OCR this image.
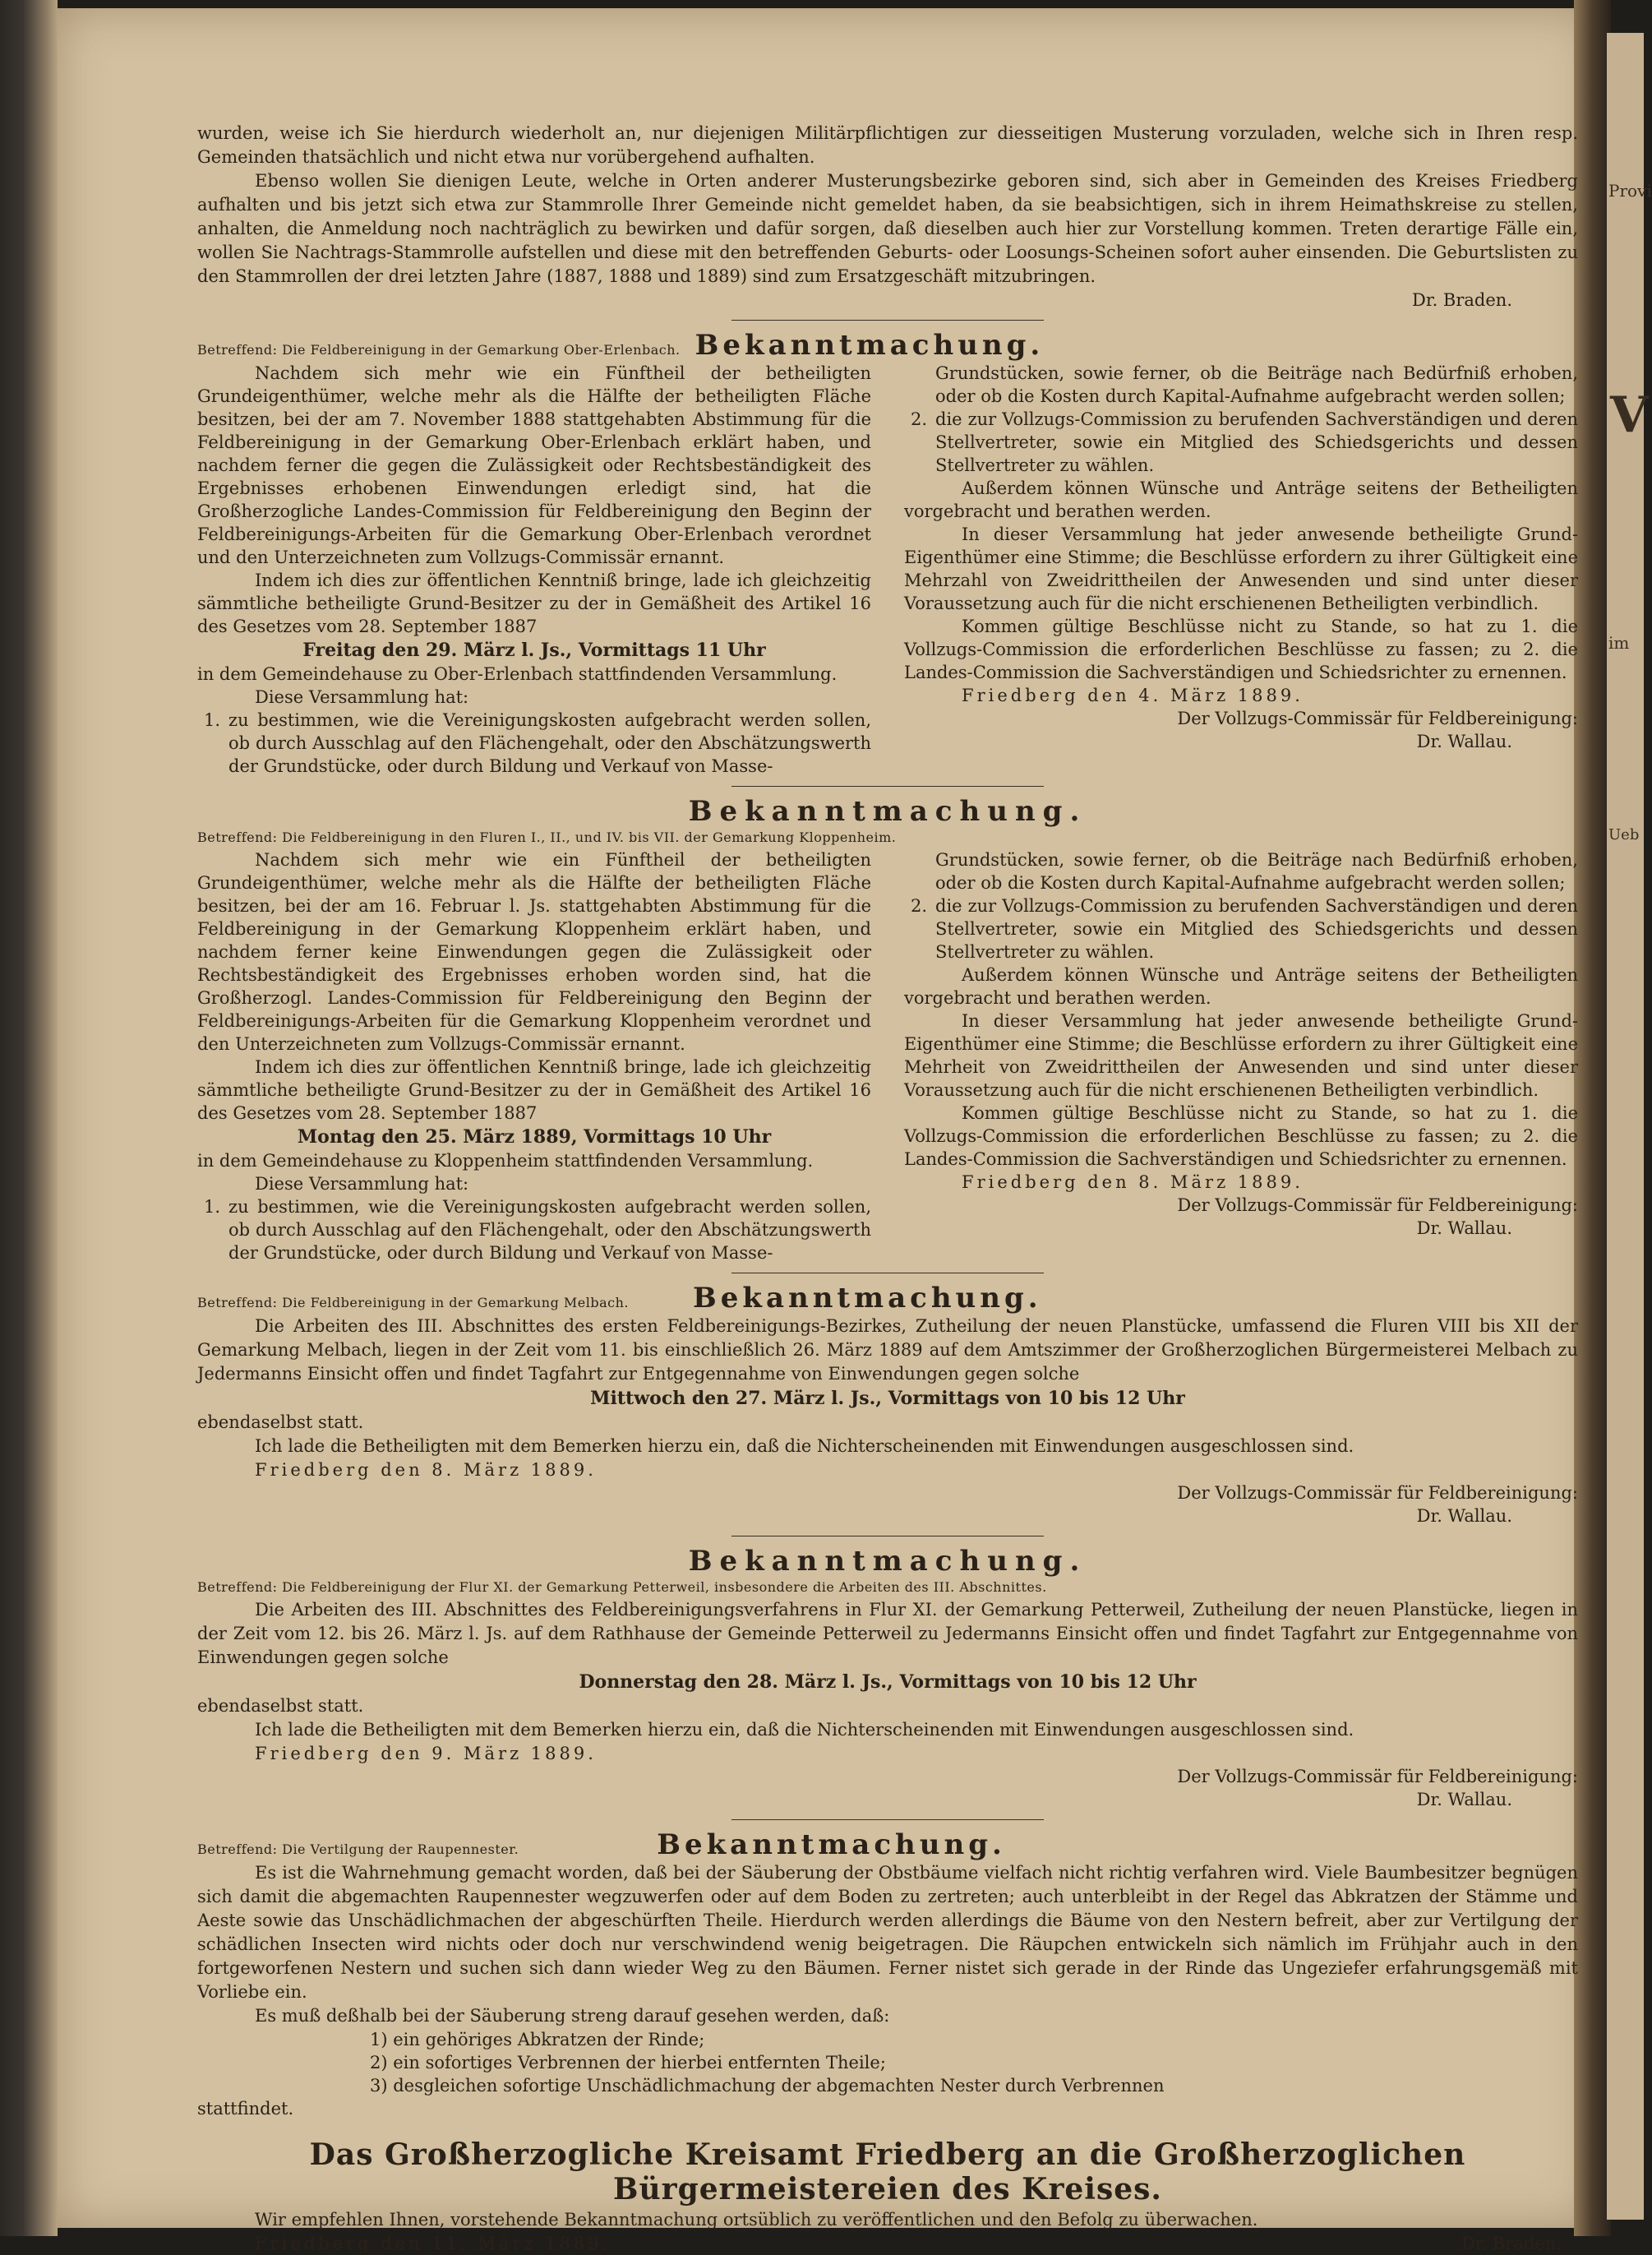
Provi
V
im
Ueb

wurden, weise ich Sie hierdurch wiederholt an, nur diejenigen Militärpflichtigen zur diesseitigen Musterung vorzuladen, welche sich in Ihren resp. Gemeinden thatsächlich und nicht etwa nur vorübergehend aufhalten.

Ebenso wollen Sie dienigen Leute, welche in Orten anderer Musterungsbezirke geboren sind, sich aber in Gemeinden des Kreises Friedberg aufhalten und bis jetzt sich etwa zur Stammrolle Ihrer Gemeinde nicht gemeldet haben, da sie beabsichtigen, sich in ihrem Heimathskreise zu stellen, anhalten, die Anmeldung noch nachträglich zu bewirken und dafür sorgen, daß dieselben auch hier zur Vorstellung kommen. Treten derartige Fälle ein, wollen Sie Nachtrags-Stammrolle aufstellen und diese mit den betreffenden Geburts- oder Loosungs-Scheinen sofort auher einsenden. Die Geburtslisten zu den Stammrollen der drei letzten Jahre (1887, 1888 und 1889) sind zum Ersatzgeschäft mitzubringen.

Dr. Braden.
Betreffend: Die Feldbereinigung in der Gemarkung Ober-Erlenbach. Bekanntmachung.

Nachdem sich mehr wie ein Fünftheil der betheiligten Grundeigenthümer, welche mehr als die Hälfte der betheiligten Fläche besitzen, bei der am 7. November 1888 stattgehabten Abstimmung für die Feldbereinigung in der Gemarkung Ober-Erlenbach erklärt haben, und nachdem ferner die gegen die Zulässigkeit oder Rechtsbeständigkeit des Ergebnisses erhobenen Einwendungen erledigt sind, hat die Großherzogliche Landes-Commission für Feldbereinigung den Beginn der Feldbereinigungs-Arbeiten für die Gemarkung Ober-Erlenbach verordnet und den Unterzeichneten zum Vollzugs-Commissär ernannt.

Indem ich dies zur öffentlichen Kenntniß bringe, lade ich gleichzeitig sämmtliche betheiligte Grund-Besitzer zu der in Gemäßheit des Artikel 16 des Gesetzes vom 28. September 1887

Freitag den 29. März l. Js., Vormittags 11 Uhr

in dem Gemeindehause zu Ober-Erlenbach stattfindenden Versammlung.

Diese Versammlung hat:

1. zu bestimmen, wie die Vereinigungskosten aufgebracht werden sollen, ob durch Ausschlag auf den Flächengehalt, oder den Abschätzungswerth der Grundstücke, oder durch Bildung und Verkauf von Masse-

Grundstücken, sowie ferner, ob die Beiträge nach Bedürfniß erhoben, oder ob die Kosten durch Kapital-Aufnahme aufgebracht werden sollen;

2. die zur Vollzugs-Commission zu berufenden Sachverständigen und deren Stellvertreter, sowie ein Mitglied des Schiedsgerichts und dessen Stellvertreter zu wählen.

Außerdem können Wünsche und Anträge seitens der Betheiligten vorgebracht und berathen werden.

In dieser Versammlung hat jeder anwesende betheiligte Grund-Eigenthümer eine Stimme; die Beschlüsse erfordern zu ihrer Gültigkeit eine Mehrzahl von Zweidrittheilen der Anwesenden und sind unter dieser Voraussetzung auch für die nicht erschienenen Betheiligten verbindlich.

Kommen gültige Beschlüsse nicht zu Stande, so hat zu 1. die Vollzugs-Commission die erforderlichen Beschlüsse zu fassen; zu 2. die Landes-Commission die Sachverständigen und Schiedsrichter zu ernennen.

Friedberg den 4. März 1889.
Der Vollzugs-Commissär für Feldbereinigung:
Dr. Wallau.
Bekanntmachung.
Betreffend: Die Feldbereinigung in den Fluren I., II., und IV. bis VII. der Gemarkung Kloppenheim.

Nachdem sich mehr wie ein Fünftheil der betheiligten Grundeigenthümer, welche mehr als die Hälfte der betheiligten Fläche besitzen, bei der am 16. Februar l. Js. stattgehabten Abstimmung für die Feldbereinigung in der Gemarkung Kloppenheim erklärt haben, und nachdem ferner keine Einwendungen gegen die Zulässigkeit oder Rechtsbeständigkeit des Ergebnisses erhoben worden sind, hat die Großherzogl. Landes-Commission für Feldbereinigung den Beginn der Feldbereinigungs-Arbeiten für die Gemarkung Kloppenheim verordnet und den Unterzeichneten zum Vollzugs-Commissär ernannt.

Indem ich dies zur öffentlichen Kenntniß bringe, lade ich gleichzeitig sämmtliche betheiligte Grund-Besitzer zu der in Gemäßheit des Artikel 16 des Gesetzes vom 28. September 1887

Montag den 25. März 1889, Vormittags 10 Uhr

in dem Gemeindehause zu Kloppenheim stattfindenden Versammlung.

Diese Versammlung hat:

1. zu bestimmen, wie die Vereinigungskosten aufgebracht werden sollen, ob durch Ausschlag auf den Flächengehalt, oder den Abschätzungswerth der Grundstücke, oder durch Bildung und Verkauf von Masse-

Grundstücken, sowie ferner, ob die Beiträge nach Bedürfniß erhoben, oder ob die Kosten durch Kapital-Aufnahme aufgebracht werden sollen;

2. die zur Vollzugs-Commission zu berufenden Sachverständigen und deren Stellvertreter, sowie ein Mitglied des Schiedsgerichts und dessen Stellvertreter zu wählen.

Außerdem können Wünsche und Anträge seitens der Betheiligten vorgebracht und berathen werden.

In dieser Versammlung hat jeder anwesende betheiligte Grund-Eigenthümer eine Stimme; die Beschlüsse erfordern zu ihrer Gültigkeit eine Mehrheit von Zweidrittheilen der Anwesenden und sind unter dieser Voraussetzung auch für die nicht erschienenen Betheiligten verbindlich.

Kommen gültige Beschlüsse nicht zu Stande, so hat zu 1. die Vollzugs-Commission die erforderlichen Beschlüsse zu fassen; zu 2. die Landes-Commission die Sachverständigen und Schiedsrichter zu ernennen.

Friedberg den 8. März 1889.
Der Vollzugs-Commissär für Feldbereinigung:
Dr. Wallau.
Betreffend: Die Feldbereinigung in der Gemarkung Melbach. Bekanntmachung.

Die Arbeiten des III. Abschnittes des ersten Feldbereinigungs-Bezirkes, Zutheilung der neuen Planstücke, umfassend die Fluren VIII bis XII der Gemarkung Melbach, liegen in der Zeit vom 11. bis einschließlich 26. März 1889 auf dem Amtszimmer der Großherzoglichen Bürgermeisterei Melbach zu Jedermanns Einsicht offen und findet Tagfahrt zur Entgegennahme von Einwendungen gegen solche

Mittwoch den 27. März l. Js., Vormittags von 10 bis 12 Uhr

ebendaselbst statt.

Ich lade die Betheiligten mit dem Bemerken hierzu ein, daß die Nichterscheinenden mit Einwendungen ausgeschlossen sind.

Friedberg den 8. März 1889.
Der Vollzugs-Commissär für Feldbereinigung:
Dr. Wallau.
Bekanntmachung.
Betreffend: Die Feldbereinigung der Flur XI. der Gemarkung Petterweil, insbesondere die Arbeiten des III. Abschnittes.

Die Arbeiten des III. Abschnittes des Feldbereinigungsverfahrens in Flur XI. der Gemarkung Petterweil, Zutheilung der neuen Planstücke, liegen in der Zeit vom 12. bis 26. März l. Js. auf dem Rathhause der Gemeinde Petterweil zu Jedermanns Einsicht offen und findet Tagfahrt zur Entgegennahme von Einwendungen gegen solche

Donnerstag den 28. März l. Js., Vormittags von 10 bis 12 Uhr

ebendaselbst statt.

Ich lade die Betheiligten mit dem Bemerken hierzu ein, daß die Nichterscheinenden mit Einwendungen ausgeschlossen sind.

Friedberg den 9. März 1889.
Der Vollzugs-Commissär für Feldbereinigung:
Dr. Wallau.
Betreffend: Die Vertilgung der Raupennester.	Bekanntmachung.

Es ist die Wahrnehmung gemacht worden, daß bei der Säuberung der Obstbäume vielfach nicht richtig verfahren wird. Viele Baumbesitzer begnügen sich damit die abgemachten Raupennester wegzuwerfen oder auf dem Boden zu zertreten; auch unterbleibt in der Regel das Abkratzen der Stämme und Aeste sowie das Unschädlichmachen der abgeschürften Theile. Hierdurch werden allerdings die Bäume von den Nestern befreit, aber zur Vertilgung der schädlichen Insecten wird nichts oder doch nur verschwindend wenig beigetragen. Die Räupchen entwickeln sich nämlich im Frühjahr auch in den fortgeworfenen Nestern und suchen sich dann wieder Weg zu den Bäumen. Ferner nistet sich gerade in der Rinde das Ungeziefer erfahrungsgemäß mit Vorliebe ein.

Es muß deßhalb bei der Säuberung streng darauf gesehen werden, daß:

1) ein gehöriges Abkratzen der Rinde;
2) ein sofortiges Verbrennen der hierbei entfernten Theile;
3) desgleichen sofortige Unschädlichmachung der abgemachten Nester durch Verbrennen

stattfindet.

Das Großherzogliche Kreisamt Friedberg an die Großherzoglichen Bürgermeistereien des Kreises.

Wir empfehlen Ihnen, vorstehende Bekanntmachung ortsüblich zu veröffentlichen und den Befolg zu überwachen.

Friedberg den 11. März 1889.	Dr. Braden.
